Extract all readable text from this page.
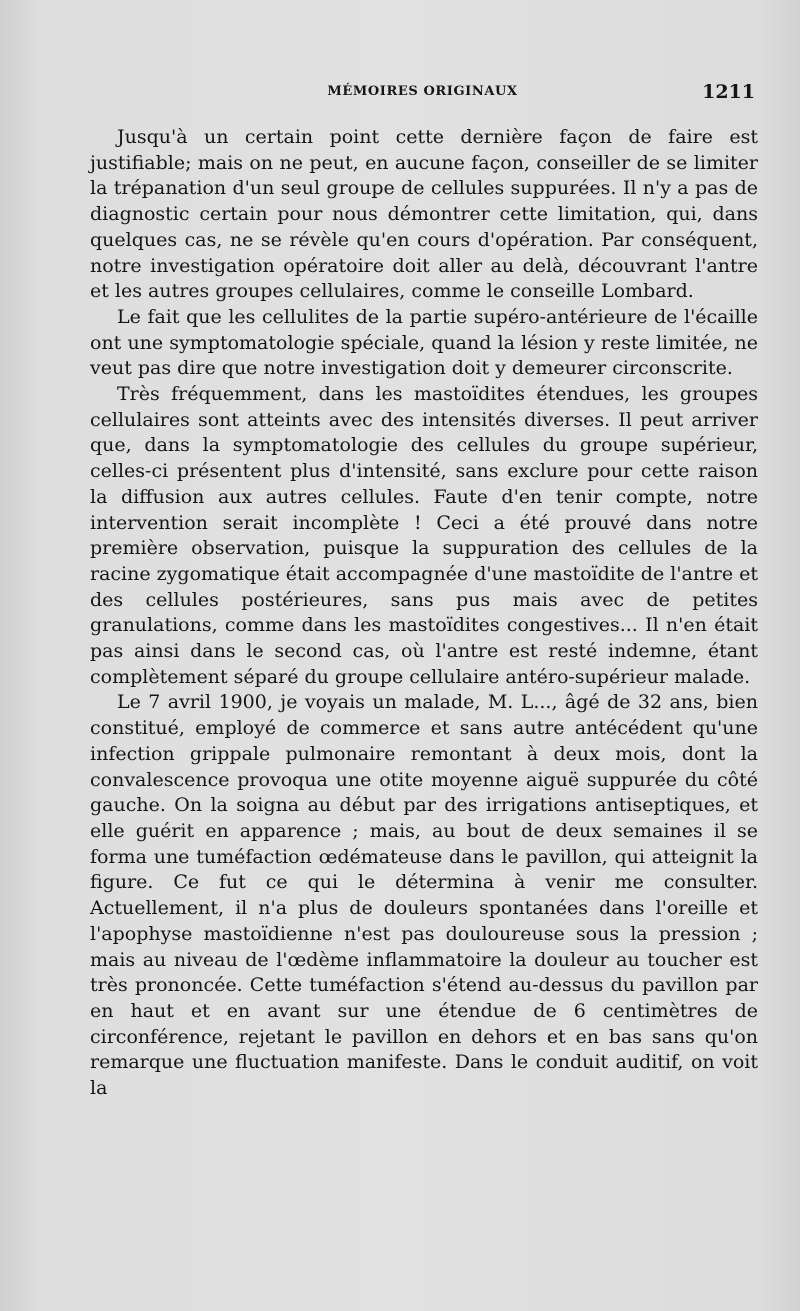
MÉMOIRES ORIGINAUX	1211

Jusqu'à un certain point cette dernière façon de faire est justifiable; mais on ne peut, en aucune façon, conseiller de se limiter la trépanation d'un seul groupe de cellules suppurées. Il n'y a pas de diagnostic certain pour nous démontrer cette limitation, qui, dans quelques cas, ne se révèle qu'en cours d'opération. Par conséquent, notre investigation opératoire doit aller au delà, découvrant l'antre et les autres groupes cellulaires, comme le conseille Lombard.

Le fait que les cellulites de la partie supéro-antérieure de l'écaille ont une symptomatologie spéciale, quand la lésion y reste limitée, ne veut pas dire que notre investigation doit y demeurer circonscrite.

Très fréquemment, dans les mastoïdites étendues, les groupes cellulaires sont atteints avec des intensités diverses. Il peut arriver que, dans la symptomatologie des cellules du groupe supérieur, celles-ci présentent plus d'intensité, sans exclure pour cette raison la diffusion aux autres cellules. Faute d'en tenir compte, notre intervention serait incomplète ! Ceci a été prouvé dans notre première observation, puisque la suppuration des cellules de la racine zygomatique était accompagnée d'une mastoïdite de l'antre et des cellules postérieures, sans pus mais avec de petites granulations, comme dans les mastoïdites congestives... Il n'en était pas ainsi dans le second cas, où l'antre est resté indemne, étant complètement séparé du groupe cellulaire antéro-supérieur malade.

Le 7 avril 1900, je voyais un malade, M. L..., âgé de 32 ans, bien constitué, employé de commerce et sans autre antécédent qu'une infection grippale pulmonaire remontant à deux mois, dont la convalescence provoqua une otite moyenne aiguë suppurée du côté gauche. On la soigna au début par des irrigations antiseptiques, et elle guérit en apparence ; mais, au bout de deux semaines il se forma une tuméfaction œdémateuse dans le pavillon, qui atteignit la figure. Ce fut ce qui le détermina à venir me consulter. Actuellement, il n'a plus de douleurs spontanées dans l'oreille et l'apophyse mastoïdienne n'est pas douloureuse sous la pression ; mais au niveau de l'œdème inflammatoire la douleur au toucher est très prononcée. Cette tuméfaction s'étend au-dessus du pavillon par en haut et en avant sur une étendue de 6 centimètres de circonférence, rejetant le pavillon en dehors et en bas sans qu'on remarque une fluctuation manifeste. Dans le conduit auditif, on voit la
